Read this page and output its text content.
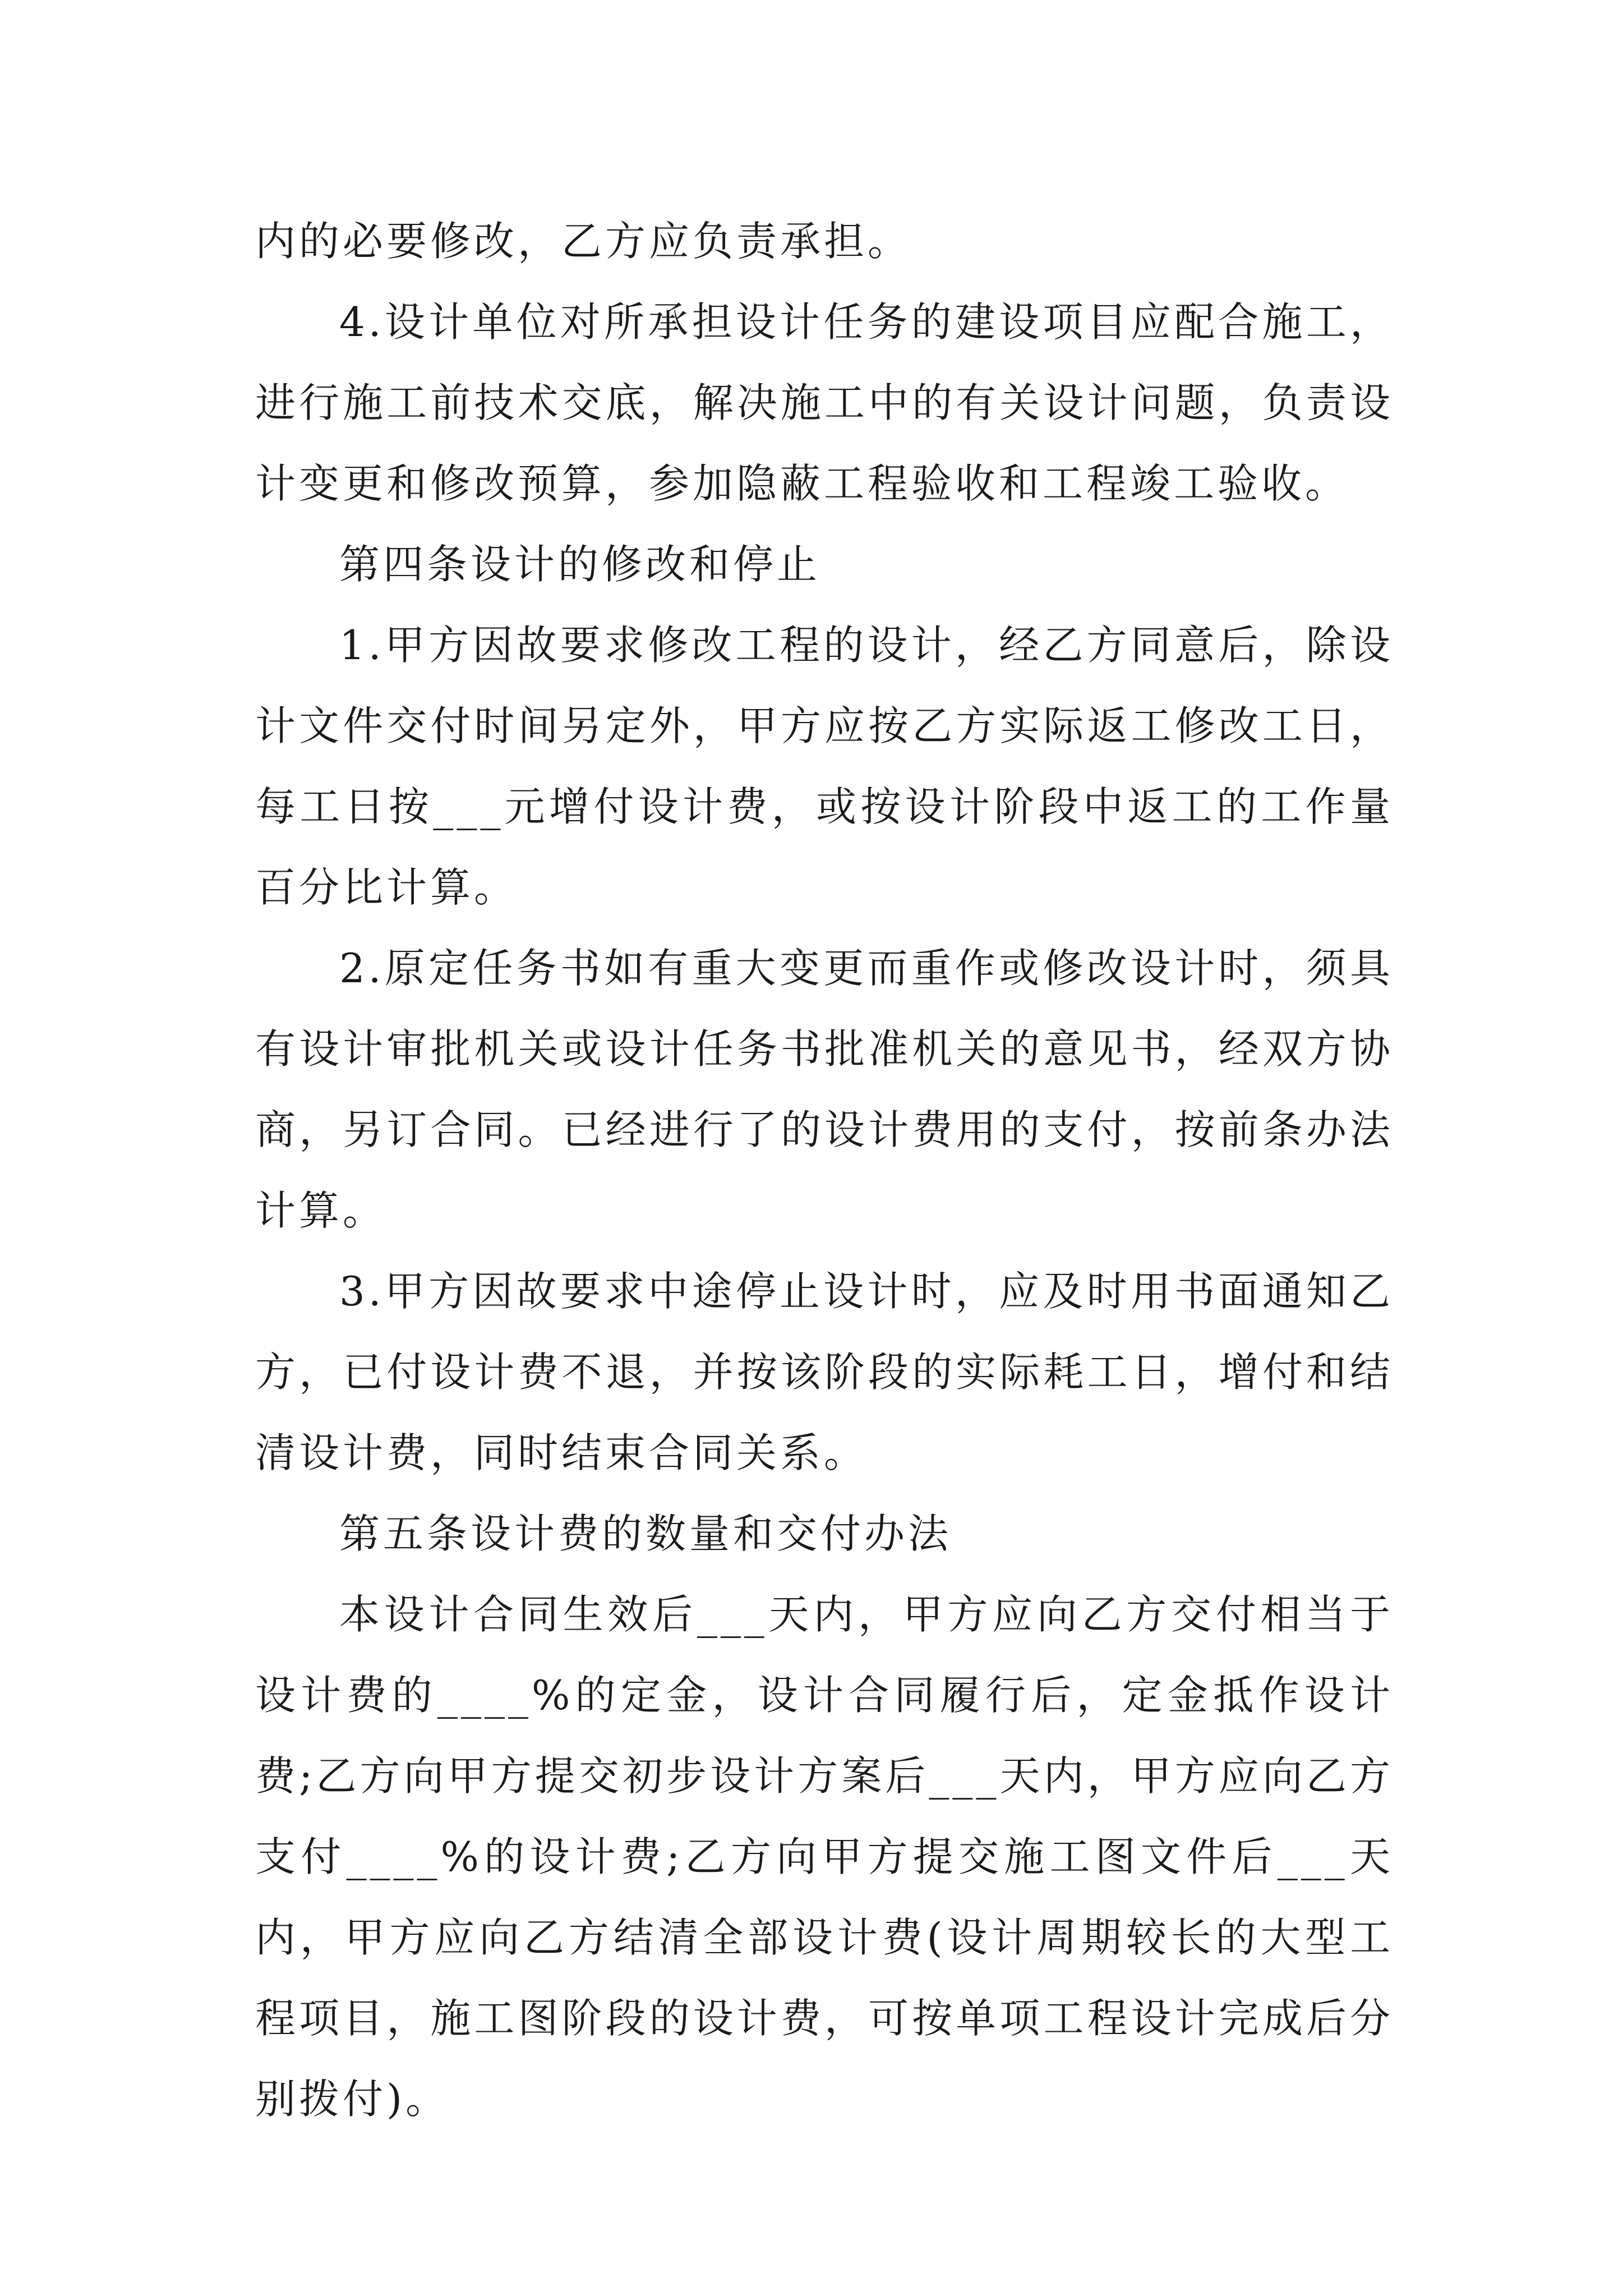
内的必要修改，乙方应负责承担。

4.设计单位对所承担设计任务的建设项目应配合施工，进行施工前技术交底，解决施工中的有关设计问题，负责设计变更和修改预算，参加隐蔽工程验收和工程竣工验收。

第四条设计的修改和停止

1.甲方因故要求修改工程的设计，经乙方同意后，除设计文件交付时间另定外，甲方应按乙方实际返工修改工日，每工日按___元增付设计费，或按设计阶段中返工的工作量百分比计算。

2.原定任务书如有重大变更而重作或修改设计时，须具有设计审批机关或设计任务书批准机关的意见书，经双方协商，另订合同。已经进行了的设计费用的支付，按前条办法计算。

3.甲方因故要求中途停止设计时，应及时用书面通知乙方，已付设计费不退，并按该阶段的实际耗工日，增付和结清设计费，同时结束合同关系。

第五条设计费的数量和交付办法

本设计合同生效后___天内，甲方应向乙方交付相当于设计费的____%的定金，设计合同履行后，定金抵作设计费;乙方向甲方提交初步设计方案后___天内，甲方应向乙方支付____%的设计费;乙方向甲方提交施工图文件后___天内，甲方应向乙方结清全部设计费(设计周期较长的大型工程项目，施工图阶段的设计费，可按单项工程设计完成后分别拨付)。
